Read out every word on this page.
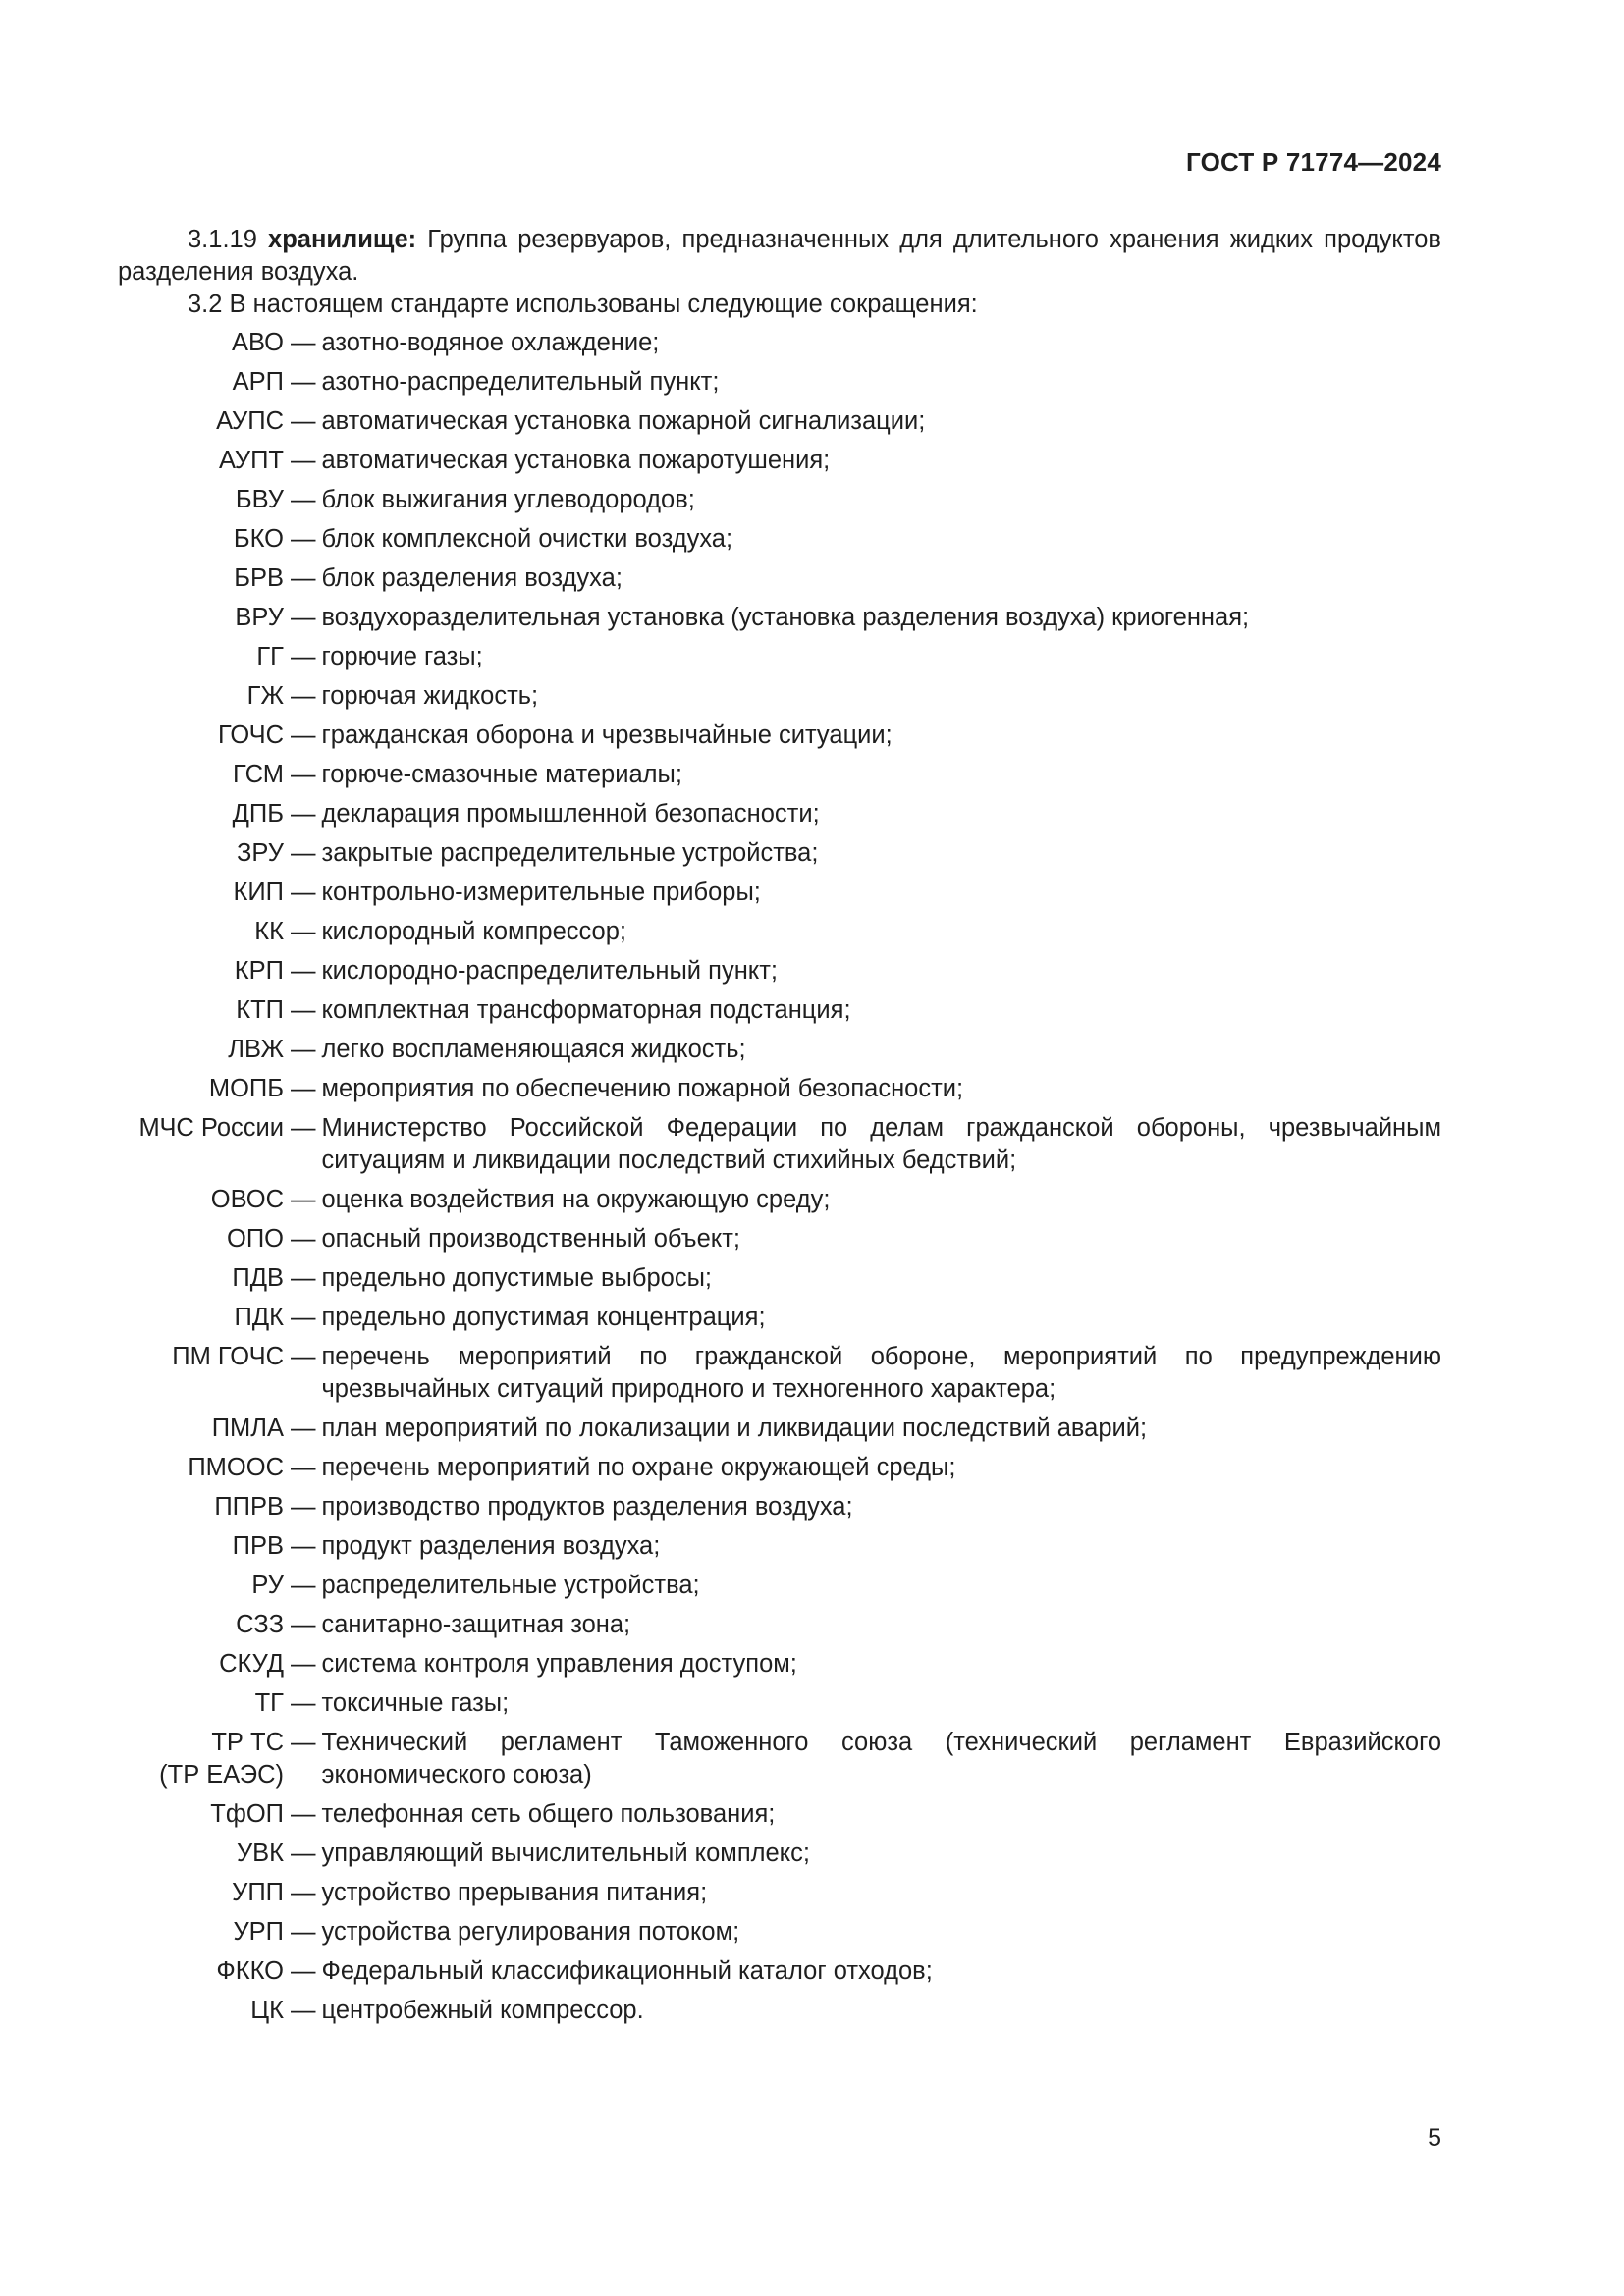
ГОСТ Р 71774—2024

3.1.19 хранилище: Группа резервуаров, предназначенных для длительного хранения жидких продуктов разделения воздуха.

3.2 В настоящем стандарте использованы следующие сокращения:

АВО — азотно-водяное охлаждение;
АРП — азотно-распределительный пункт;
АУПС — автоматическая установка пожарной сигнализации;
АУПТ — автоматическая установка пожаротушения;
БВУ — блок выжигания углеводородов;
БКО — блок комплексной очистки воздуха;
БРВ — блок разделения воздуха;
ВРУ — воздухоразделительная установка (установка разделения воздуха) криогенная;
ГГ — горючие газы;
ГЖ — горючая жидкость;
ГОЧС — гражданская оборона и чрезвычайные ситуации;
ГСМ — горюче-смазочные материалы;
ДПБ — декларация промышленной безопасности;
ЗРУ — закрытые распределительные устройства;
КИП — контрольно-измерительные приборы;
КК — кислородный компрессор;
КРП — кислородно-распределительный пункт;
КТП — комплектная трансформаторная подстанция;
ЛВЖ — легко воспламеняющаяся жидкость;
МОПБ — мероприятия по обеспечению пожарной безопасности;
МЧС России — Министерство Российской Федерации по делам гражданской обороны, чрезвычайным ситуациям и ликвидации последствий стихийных бедствий;
ОВОС — оценка воздействия на окружающую среду;
ОПО — опасный производственный объект;
ПДВ — предельно допустимые выбросы;
ПДК — предельно допустимая концентрация;
ПМ ГОЧС — перечень мероприятий по гражданской обороне, мероприятий по предупреждению чрезвычайных ситуаций природного и техногенного характера;
ПМЛА — план мероприятий по локализации и ликвидации последствий аварий;
ПМООС — перечень мероприятий по охране окружающей среды;
ППРВ — производство продуктов разделения воздуха;
ПРВ — продукт разделения воздуха;
РУ — распределительные устройства;
СЗЗ — санитарно-защитная зона;
СКУД — система контроля управления доступом;
ТГ — токсичные газы;
ТР ТС
(ТР ЕАЭС)
— Технический регламент Таможенного союза (технический регламент Евразийского экономического союза)
ТфОП — телефонная сеть общего пользования;
УВК — управляющий вычислительный комплекс;
УПП — устройство прерывания питания;
УРП — устройства регулирования потоком;
ФККО — Федеральный классификационный каталог отходов;
ЦК — центробежный компрессор.
5
